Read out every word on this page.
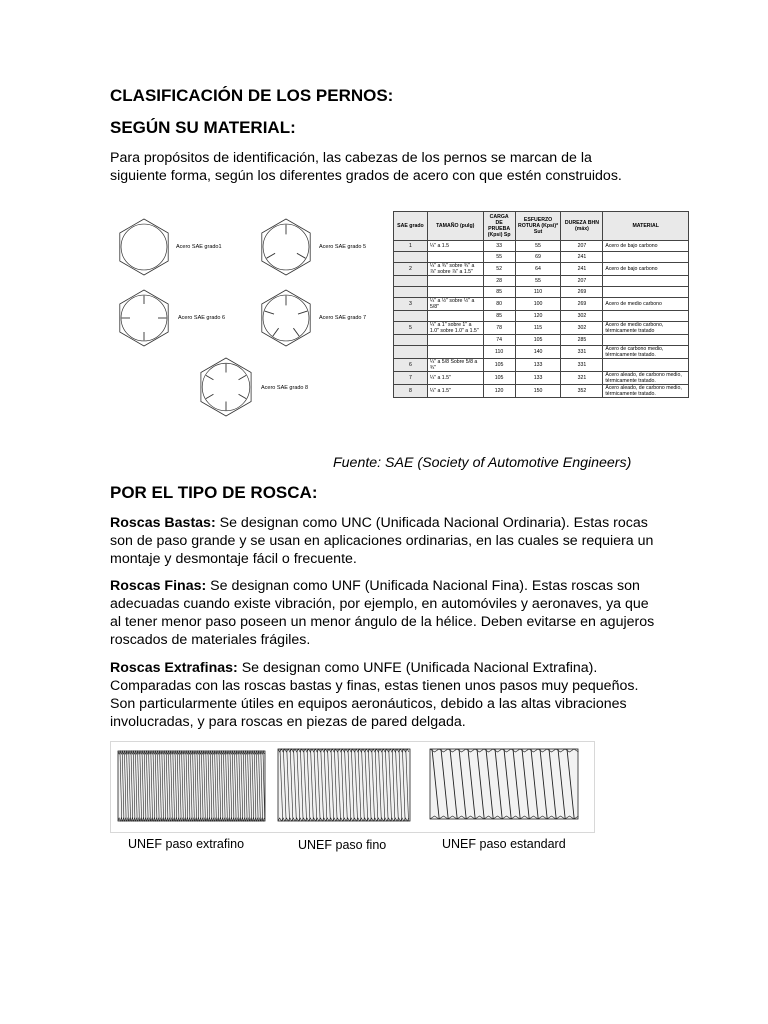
CLASIFICACIÓN DE LOS PERNOS:
SEGÚN SU MATERIAL:
Para propósitos de identificación, las cabezas de los pernos se marcan de la siguiente forma, según los diferentes grados de acero con que estén construidos.
Acero SAE grado1	Acero SAE grado 5
Acero SAE grado 6	Acero SAE grado 7
Acero SAE grado 8
SAE grado	TAMAÑO (pulg)	CARGA DE PRUEBA (Kpsi) Sp	ESFUERZO ROTURA (Kpsi)* Sut	DUREZA BHN (máx)	MATERIAL
1	¼" a 1.5	33	55	207	Acero de bajo carbono
		55	69	241	
2	¼" a ¾" sobre ¾" a ⅞" sobre ⅞" a 1.5"	52	64	241	Acero de bajo carbono
		28	55	207	
		85	110	269	
3	¼" a ½" sobre ½" a 5/8"	80	100	269	Acero de medio carbono
		85	120	302	
5	¼" a 1" sobre 1" a 1.0" sobre 1.0" a 1.5"	78	115	302	Acero de medio carbono, térmicamente tratado
		74	105	285	
		110	140	331	Acero de carbono medio, térmicamente tratado.
6	¼" a 5/8 Sobre 5/8 a ¾"	105	133	331	
7	¼" a 1.5"	105	133	321	Acero aleado, de carbono medio, térmicamente tratado.
8	¼" a 1.5"	120	150	352	Acero aleado, de carbono medio, térmicamente tratado.
Fuente: SAE (Society of Automotive Engineers)
POR EL TIPO DE ROSCA:
Roscas Bastas: Se designan como UNC (Unificada Nacional Ordinaria). Estas rocas son de paso grande y se usan en aplicaciones ordinarias, en las cuales se requiera un montaje y desmontaje fácil o frecuente.
Roscas Finas: Se designan como UNF (Unificada Nacional Fina). Estas roscas son adecuadas cuando existe vibración, por ejemplo, en automóviles y aeronaves, ya que al tener menor paso poseen un menor ángulo de la hélice. Deben evitarse en agujeros roscados de materiales frágiles.
Roscas Extrafinas: Se designan como UNFE (Unificada Nacional Extrafina). Comparadas con las roscas bastas y finas, estas tienen unos pasos muy pequeños. Son particularmente útiles en equipos aeronáuticos, debido a las altas vibraciones involucradas, y para roscas en piezas de pared delgada.
UNEF paso extrafino	UNEF paso fino	UNEF paso estandard
